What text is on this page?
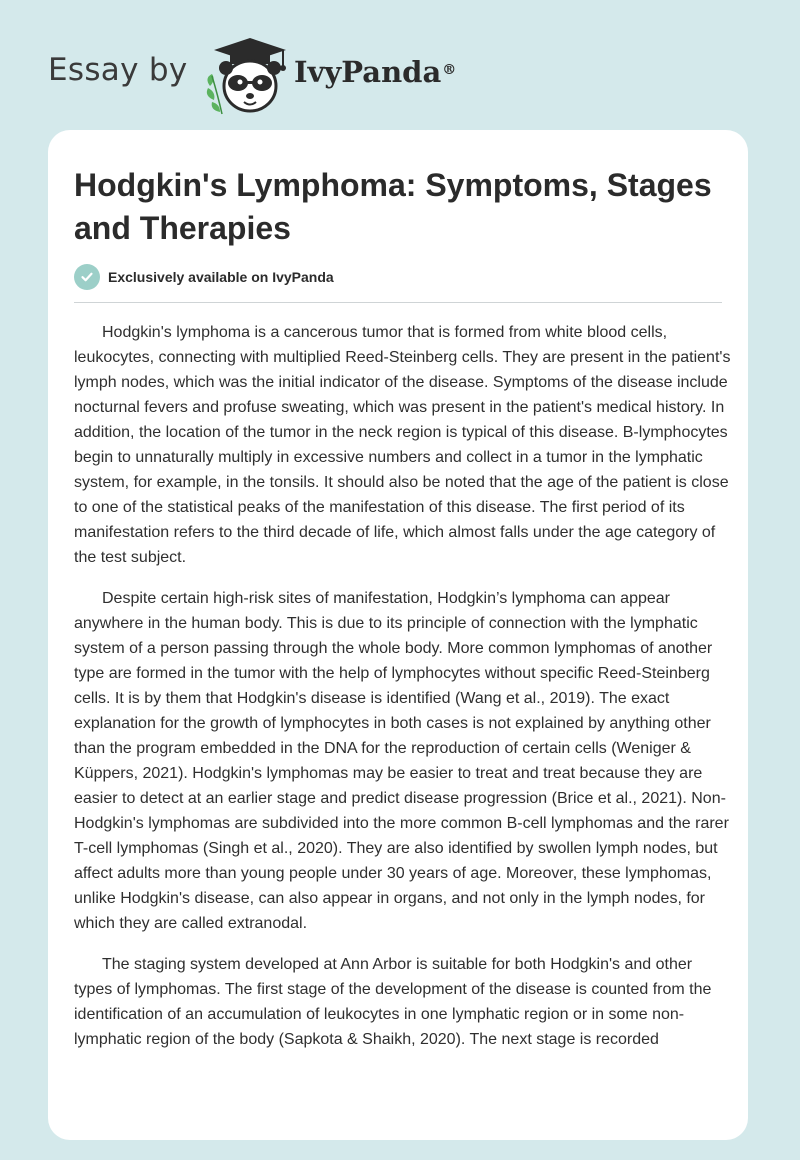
Essay by	IvyPanda®
Hodgkin's Lymphoma: Symptoms, Stages and Therapies
Exclusively available on IvyPanda

Hodgkin's lymphoma is a cancerous tumor that is formed from white blood cells, leukocytes, connecting with multiplied Reed-Steinberg cells. They are present in the patient's lymph nodes, which was the initial indicator of the disease. Symptoms of the disease include nocturnal fevers and profuse sweating, which was present in the patient's medical history. In addition, the location of the tumor in the neck region is typical of this disease. B-lymphocytes begin to unnaturally multiply in excessive numbers and collect in a tumor in the lymphatic system, for example, in the tonsils. It should also be noted that the age of the patient is close to one of the statistical peaks of the manifestation of this disease. The first period of its manifestation refers to the third decade of life, which almost falls under the age category of the test subject.

Despite certain high-risk sites of manifestation, Hodgkin’s lymphoma can appear anywhere in the human body. This is due to its principle of connection with the lymphatic system of a person passing through the whole body. More common lymphomas of another type are formed in the tumor with the help of lymphocytes without specific Reed-Steinberg cells. It is by them that Hodgkin's disease is identified (Wang et al., 2019). The exact explanation for the growth of lymphocytes in both cases is not explained by anything other than the program embedded in the DNA for the reproduction of certain cells (Weniger & Küppers, 2021). Hodgkin's lymphomas may be easier to treat and treat because they are easier to detect at an earlier stage and predict disease progression (Brice et al., 2021). Non-Hodgkin's lymphomas are subdivided into the more common B-cell lymphomas and the rarer T-cell lymphomas (Singh et al., 2020). They are also identified by swollen lymph nodes, but affect adults more than young people under 30 years of age. Moreover, these lymphomas, unlike Hodgkin's disease, can also appear in organs, and not only in the lymph nodes, for which they are called extranodal.

The staging system developed at Ann Arbor is suitable for both Hodgkin's and other types of lymphomas. The first stage of the development of the disease is counted from the identification of an accumulation of leukocytes in one lymphatic region or in some non-lymphatic region of the body (Sapkota & Shaikh, 2020). The next stage is recorded
